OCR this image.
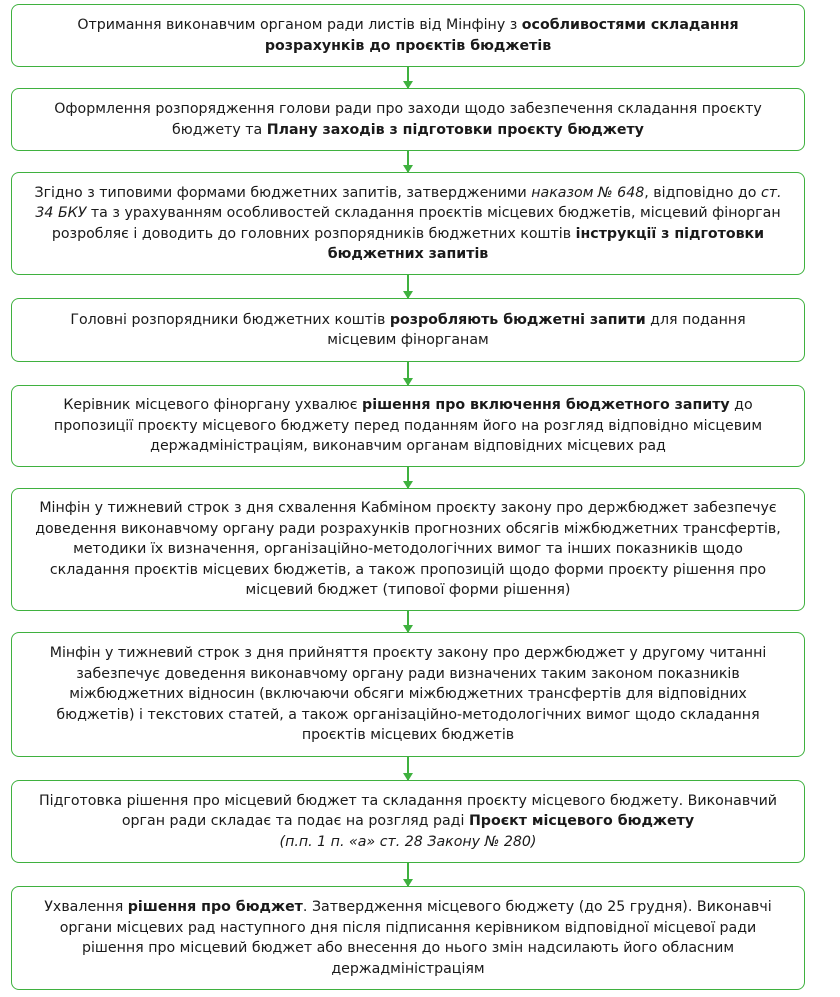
Отримання виконавчим органом ради листів від Мінфіну з особливостями складання розрахунків до проєктів бюджетів

Оформлення розпорядження голови ради про заходи щодо забезпечення складання проєкту бюджету та Плану заходів з підготовки проєкту бюджету

Згідно з типовими формами бюджетних запитів, затвердженими наказом № 648, відповідно до ст. 34 БКУ та з урахуванням особливостей складання проєктів місцевих бюджетів, місцевий фінорган розробляє і доводить до головних розпорядників бюджетних коштів інструкції з підготовки бюджетних запитів

Головні розпорядники бюджетних коштів розробляють бюджетні запити для подання місцевим фінорганам

Керівник місцевого фіноргану ухвалює рішення про включення бюджетного запиту до пропозиції проєкту місцевого бюджету перед поданням його на розгляд відповідно місцевим держадміністраціям, виконавчим органам відповідних місцевих рад

Мінфін у тижневий строк з дня схвалення Кабміном проєкту закону про держбюджет забезпечує доведення виконавчому органу ради розрахунків прогнозних обсягів міжбюджетних трансфертів, методики їх визначення, організаційно-методологічних вимог та інших показників щодо складання проєктів місцевих бюджетів, а також пропозицій щодо форми проєкту рішення про місцевий бюджет (типової форми рішення)

Мінфін у тижневий строк з дня прийняття проєкту закону про держбюджет у другому читанні забезпечує доведення виконавчому органу ради визначених таким законом показників міжбюджетних відносин (включаючи обсяги міжбюджетних трансфертів для відповідних бюджетів) і текстових статей, а також організаційно-методологічних вимог щодо складання проєктів місцевих бюджетів

Підготовка рішення про місцевий бюджет та складання проєкту місцевого бюджету. Виконавчий орган ради складає та подає на розгляд раді Проєкт місцевого бюджету
(п.п. 1 п. «а» ст. 28 Закону № 280)

Ухвалення рішення про бюджет. Затвердження місцевого бюджету (до 25 грудня). Виконавчі органи місцевих рад наступного дня після підписання керівником відповідної місцевої ради рішення про місцевий бюджет або внесення до нього змін надсилають його обласним держадміністраціям
